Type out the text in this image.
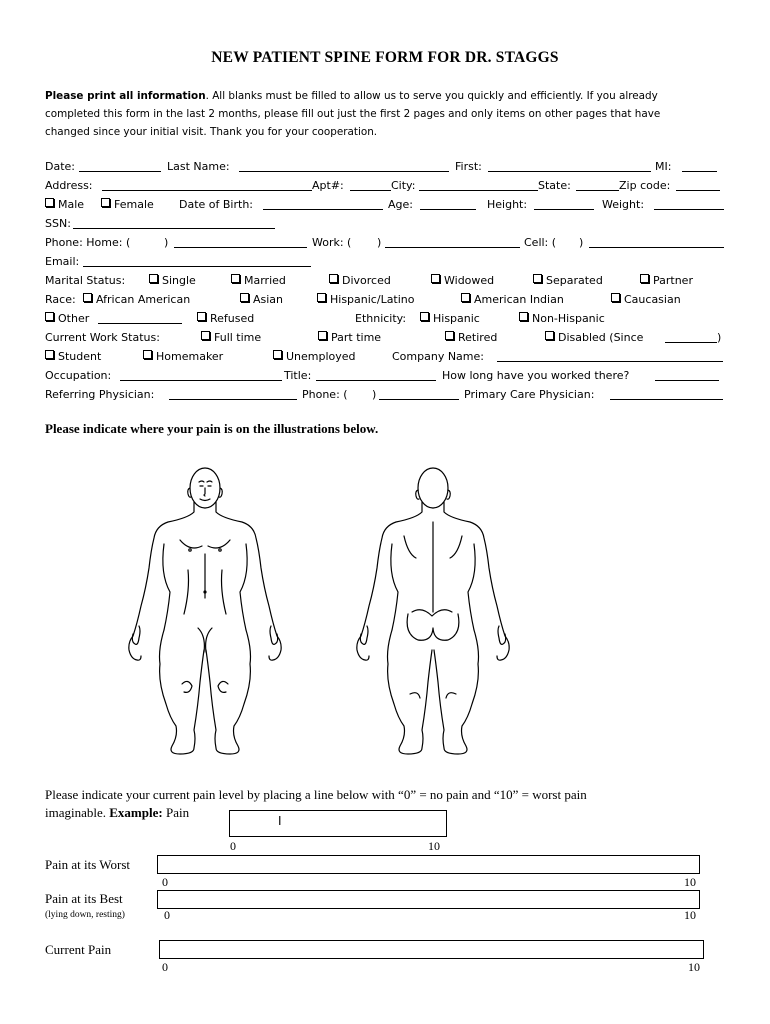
NEW PATIENT SPINE FORM FOR DR. STAGGS
Please print all information. All blanks must be filled to allow us to serve you quickly and efficiently. If you already
completed this form in the last 2 months, please fill out just the first 2 pages and only items on other pages that have
changed since your initial visit. Thank you for your cooperation.
Date:	Last Name:	First:	MI:
Address:	Apt#:	City:	State:	Zip code:
Male	Female Date of Birth:	Age:	Height:	Weight:
SSN:
Phone: Home: (	)	Work: ( )	Cell: ( )
Email:
Marital Status:	Single	Married	Divorced	Widowed	Separated	Partner
Race:	African American	Asian	Hispanic/Latino	American Indian	Caucasian
Other	Refused	Ethnicity:	Hispanic	Non-Hispanic
Current Work Status:	Full time	Part time	Retired	Disabled (Since	)
Student	Homemaker	Unemployed	Company Name:
Occupation:	Title:	How long have you worked there?
Referring Physician:	Phone: ( )	Primary Care Physician:
Please indicate where your pain is on the illustrations below.
Please indicate your current pain level by placing a line below with “0” = no pain and “10” = worst pain
imaginable. Example: Pain
I
0	10
Pain at its Worst
0	10
Pain at its Best
(lying down, resting)	0	10
Current Pain
0	10
